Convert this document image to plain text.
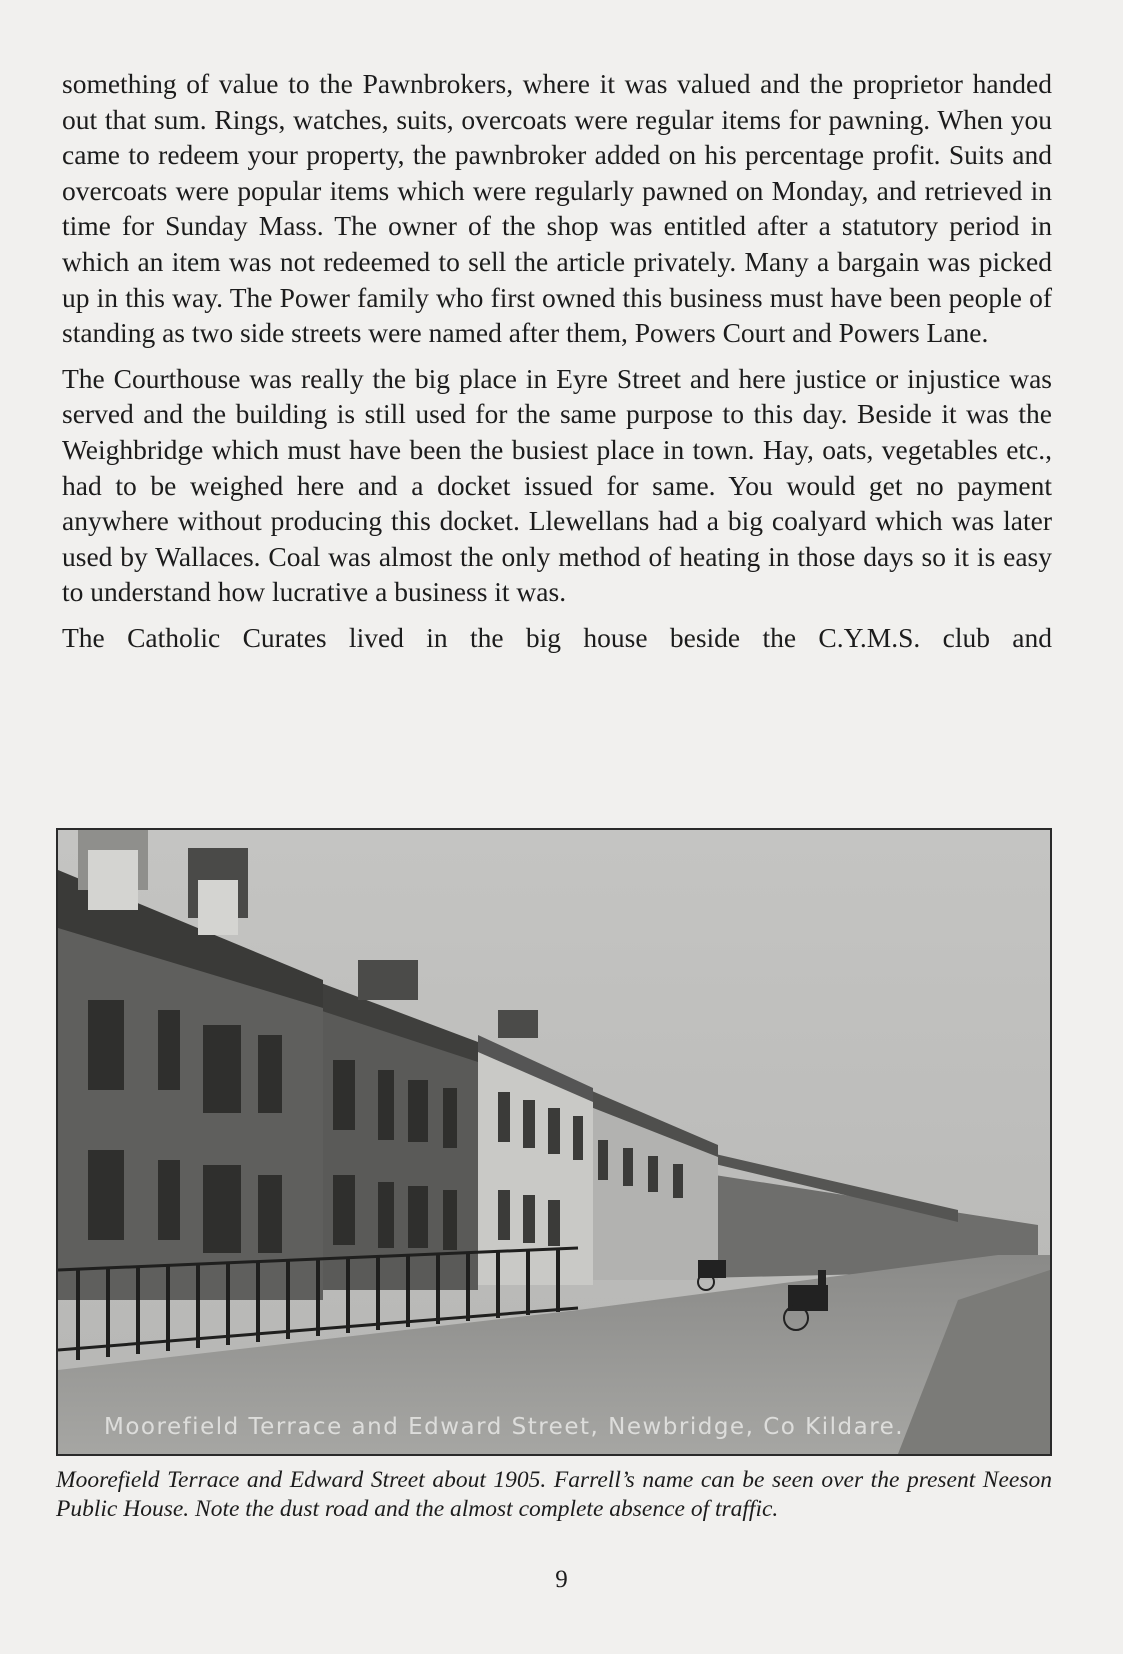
something of value to the Pawnbrokers, where it was valued and the proprietor handed out that sum. Rings, watches, suits, overcoats were regular items for pawning. When you came to redeem your property, the pawnbroker added on his percentage profit. Suits and overcoats were popular items which were regularly pawned on Monday, and retrieved in time for Sunday Mass. The owner of the shop was entitled after a statutory period in which an item was not redeemed to sell the article privately. Many a bargain was picked up in this way. The Power family who first owned this business must have been people of standing as two side streets were named after them, Powers Court and Powers Lane.

The Courthouse was really the big place in Eyre Street and here justice or injustice was served and the building is still used for the same purpose to this day. Beside it was the Weighbridge which must have been the busiest place in town. Hay, oats, vegetables etc., had to be weighed here and a docket issued for same. You would get no payment anywhere without producing this docket. Llewellans had a big coalyard which was later used by Wallaces. Coal was almost the only method of heating in those days so it is easy to understand how lucrative a business it was.

The Catholic Curates lived in the big house beside the C.Y.M.S. club and

Moorefield Terrace and Edward Street, Newbridge, Co Kildare.

Moorefield Terrace and Edward Street about 1905. Farrell’s name can be seen over the present Neeson Public House. Note the dust road and the almost complete absence of traffic.

9
